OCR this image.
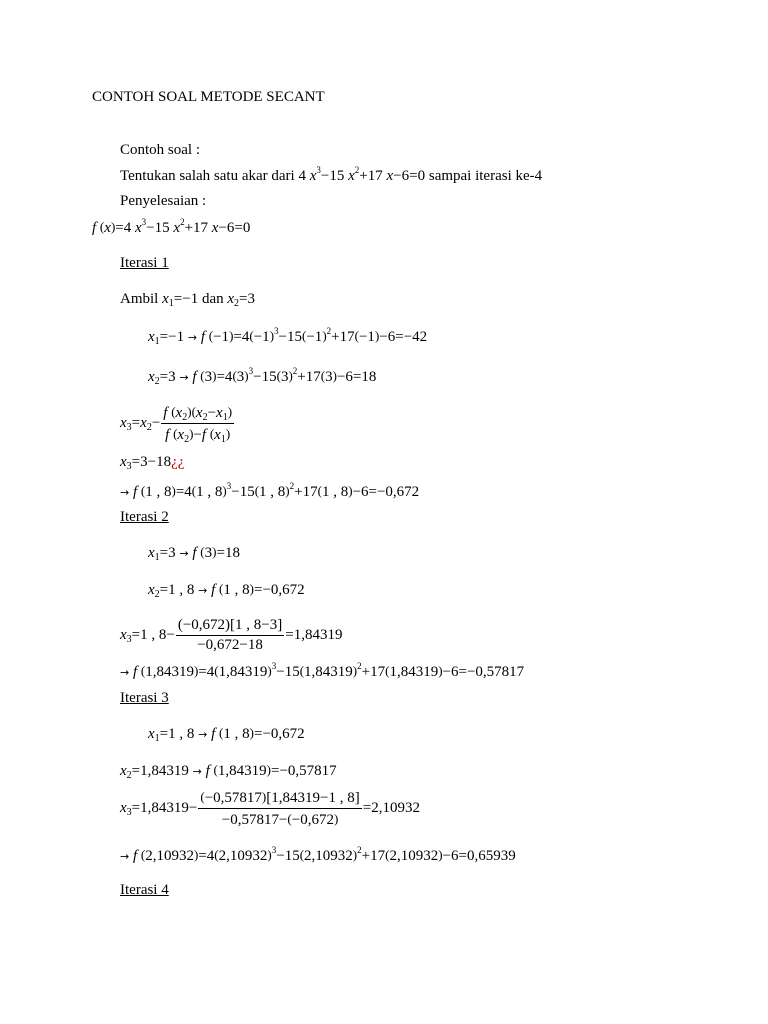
CONTOH SOAL METODE SECANT
Contoh soal :
Tentukan salah satu akar dari 4 $x^3-15$ $x^2+17$ x−6=0 sampai iterasi ke-4
Penyelesaian :
f (x)=4 $x^3-15$ $x^2+17$ x−6=0
Iterasi 1
Ambil $x_1=-1$ dan $x_2=3$
$x_1=-1 \to f$ $(-1)=4(-1)^3-15(-1)^2+17(-1)-6=-42$
$x_2=3 \to f$ $(3)=4(3)^3-15(3)^2+17(3)-6=18$
$x_3=x_2- \frac{f (x_2)(x_2-x_1)}{f (x_2)-f (x_1)}$
$x_3=3-18¿¿$
→ f (1 , 8)=4(1 , 8)$^3$−15(1 , 8)$^2$+17(1 , 8)−6=−0,672
Iterasi 2
$x_1=3 \to f$ (3)=18
$x_2=1$ , 8 → f (1 , 8)=−0,672
$x_3=1$ , $8- \frac{(-0,672)[1 , 8-3]}{-0,672-18} =1,84319$
→ f $(1,84319)=4(1,84319)^3-15(1,84319)^2+17(1,84319)-6=-0,57817$
Iterasi 3
$x_1=1$ , 8 → f (1 , 8)=−0,672
$x_2=1,84319 \to f$ (1,84319)=−0,57817
$x_3=1,84319- \frac{(-0,57817)[1,84319-1 , 8]}{-0,57817-(-0,672)} =2,10932$
→ f $(2,10932)=4(2,10932)^3-15(2,10932)^2+17(2,10932)-6=0,65939$
Iterasi 4
